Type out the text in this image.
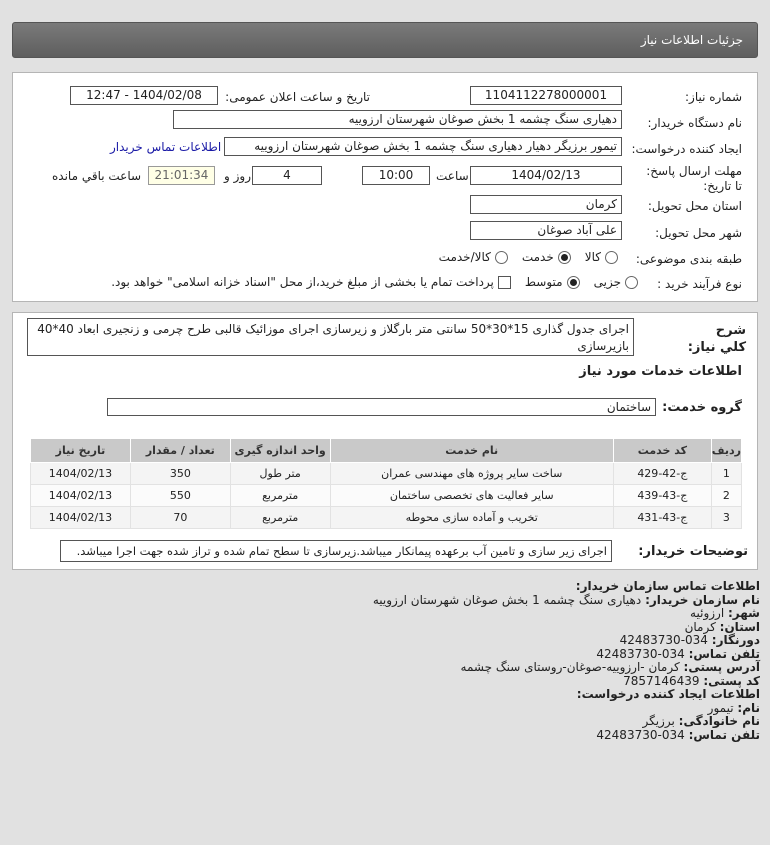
جزئیات اطلاعات نیاز
شماره نیاز:
1104112278000001
تاریخ و ساعت اعلان عمومی:
1404/02/08 - 12:47
نام دستگاه خریدار:
دهیاری سنگ چشمه 1 بخش صوغان شهرستان ارزوییه
ایجاد کننده درخواست:
تیمور برزیگر دهیار دهیاری سنگ چشمه 1 بخش صوغان شهرستان ارزوییه
اطلاعات تماس خریدار
مهلت ارسال پاسخ: تا تاریخ:
1404/02/13
ساعت
10:00
4
روز و
21:01:34
ساعت باقي مانده
استان محل تحویل:
کرمان
شهر محل تحویل:
علی آباد صوغان
طبقه بندی موضوعی:
کالا
خدمت
کالا/خدمت
نوع فرآیند خرید :
جزیی
متوسط
پرداخت تمام یا بخشی از مبلغ خرید،از محل "اسناد خزانه اسلامی" خواهد بود.
شرح کلي نیاز:
اجرای جدول گذاری 15*30*50 سانتی متر بارگلاز و زیرسازی اجرای موزائیک قالبی طرح چرمی و زنجیری ابعاد 40*40 بازیرسازی
اطلاعات خدمات مورد نیاز
گروه خدمت:
ساختمان
ردیف	کد خدمت	نام خدمت	واحد اندازه گیری	تعداد / مقدار	تاریخ نیاز
1	ج-42-429	ساخت سایر پروژه های مهندسی عمران	متر طول	350	1404/02/13
2	ج-43-439	سایر فعالیت های تخصصی ساختمان	مترمربع	550	1404/02/13
3	ج-43-431	تخریب و آماده سازی محوطه	مترمربع	70	1404/02/13
توضیحات خریدار:
اجرای زیر سازی و تامین آب برعهده پیمانکار میباشد.زیرسازی تا سطح تمام شده و تراز شده جهت اجرا میباشد.
اطلاعات تماس سازمان خریدار:
نام سازمان خریدار: دهیاری سنگ چشمه 1 بخش صوغان شهرستان ارزوییه
شهر: ارزوئیه
استان: کرمان
دورنگار: 034-42483730
تلفن تماس: 034-42483730
آدرس پستی: کرمان -ارزوییه-صوغان-روستای سنگ چشمه
کد پستی: 7857146439
اطلاعات ایجاد کننده درخواست:
نام: تیمور
نام خانوادگی: برزیگر
تلفن تماس: 034-42483730
